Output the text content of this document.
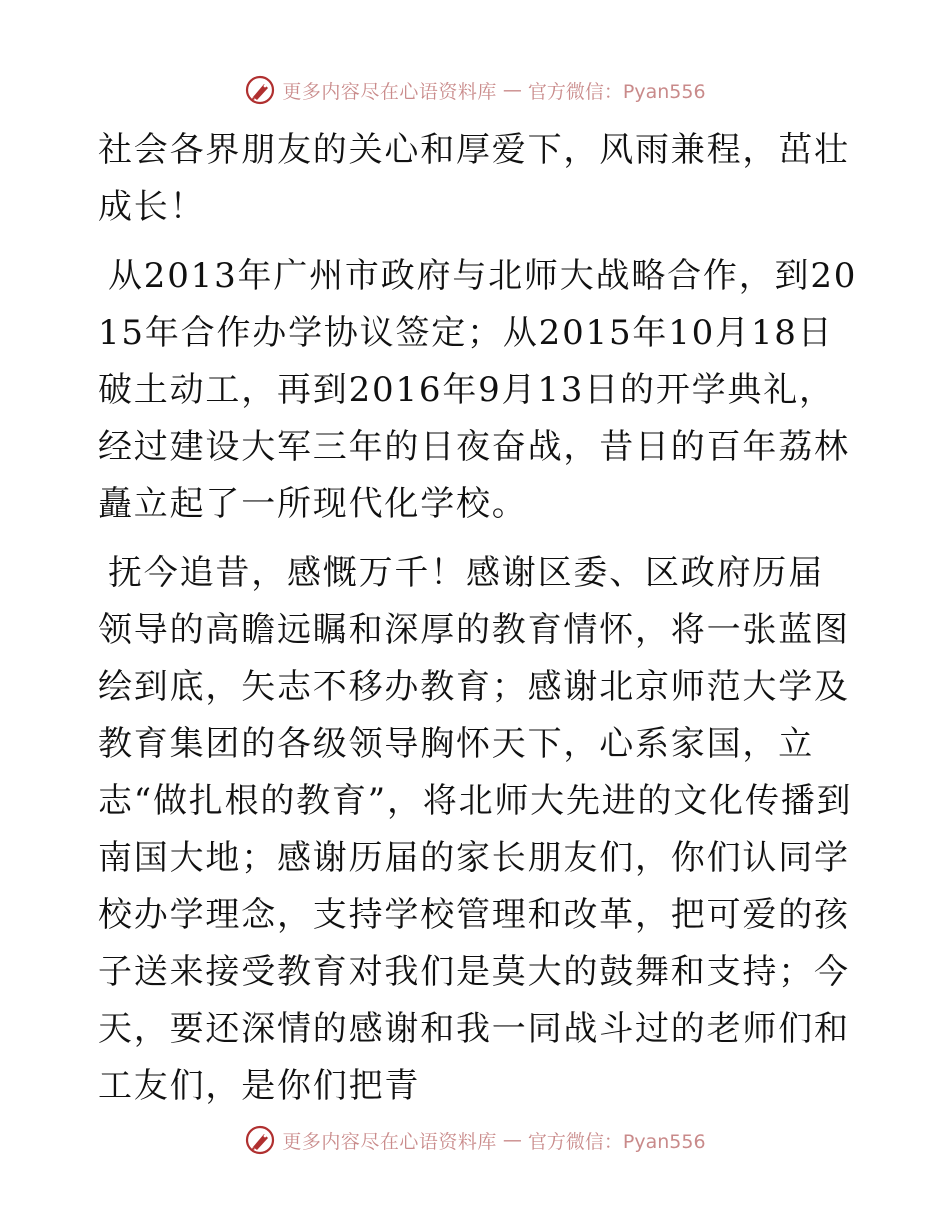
更多内容尽在心语资料库 — 官方微信：Pyan556

社会各界朋友的关心和厚爱下，风雨兼程，茁壮成长！

从2013年广州市政府与北师大战略合作，到2015年合作办学协议签定；从2015年10月18日破土动工，再到2016年9月13日的开学典礼，经过建设大军三年的日夜奋战，昔日的百年荔林矗立起了一所现代化学校。

抚今追昔，感慨万千！感谢区委、区政府历届领导的高瞻远瞩和深厚的教育情怀，将一张蓝图绘到底，矢志不移办教育；感谢北京师范大学及教育集团的各级领导胸怀天下，心系家国，立志“做扎根的教育”，将北师大先进的文化传播到南国大地；感谢历届的家长朋友们，你们认同学校办学理念，支持学校管理和改革，把可爱的孩子送来接受教育对我们是莫大的鼓舞和支持；今天，要还深情的感谢和我一同战斗过的老师们和工友们，是你们把青

更多内容尽在心语资料库 — 官方微信：Pyan556
